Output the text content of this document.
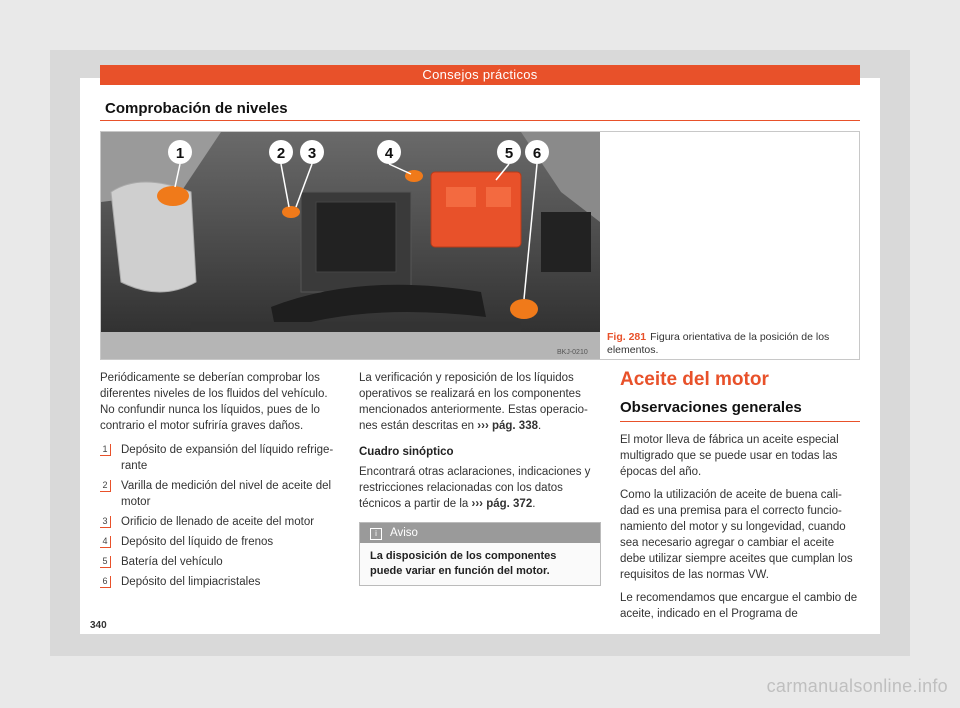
Consejos prácticos
Comprobación de niveles
BKJ-0210
1	2 3	4	5 6
Fig. 281 Figura orientativa de la posición de los elementos.

Periódicamente se deberían comprobar los diferentes niveles de los fluidos del vehículo. No confundir nunca los líquidos, pues de lo contrario el motor sufriría graves daños.

1	Depósito de expansión del líquido refrige-rante
2	Varilla de medición del nivel de aceite del motor
3	Orificio de llenado de aceite del motor
4	Depósito del líquido de frenos
5	Batería del vehículo
6	Depósito del limpiacristales

La verificación y reposición de los líquidos operativos se realizará en los componentes mencionados anteriormente. Estas operacio-nes están descritas en ››› pág. 338.

Cuadro sinóptico

Encontrará otras aclaraciones, indicaciones y restricciones relacionadas con los datos técnicos a partir de la ››› pág. 372.

i Aviso
La disposición de los componentes puede variar en función del motor.
Aceite del motor
Observaciones generales

El motor lleva de fábrica un aceite especial multigrado que se puede usar en todas las épocas del año.

Como la utilización de aceite de buena cali-dad es una premisa para el correcto funcio-namiento del motor y su longevidad, cuando sea necesario agregar o cambiar el aceite debe utilizar siempre aceites que cumplan los requisitos de las normas VW.

Le recomendamos que encargue el cambio de aceite, indicado en el Programa de

340
carmanualsonline.info
